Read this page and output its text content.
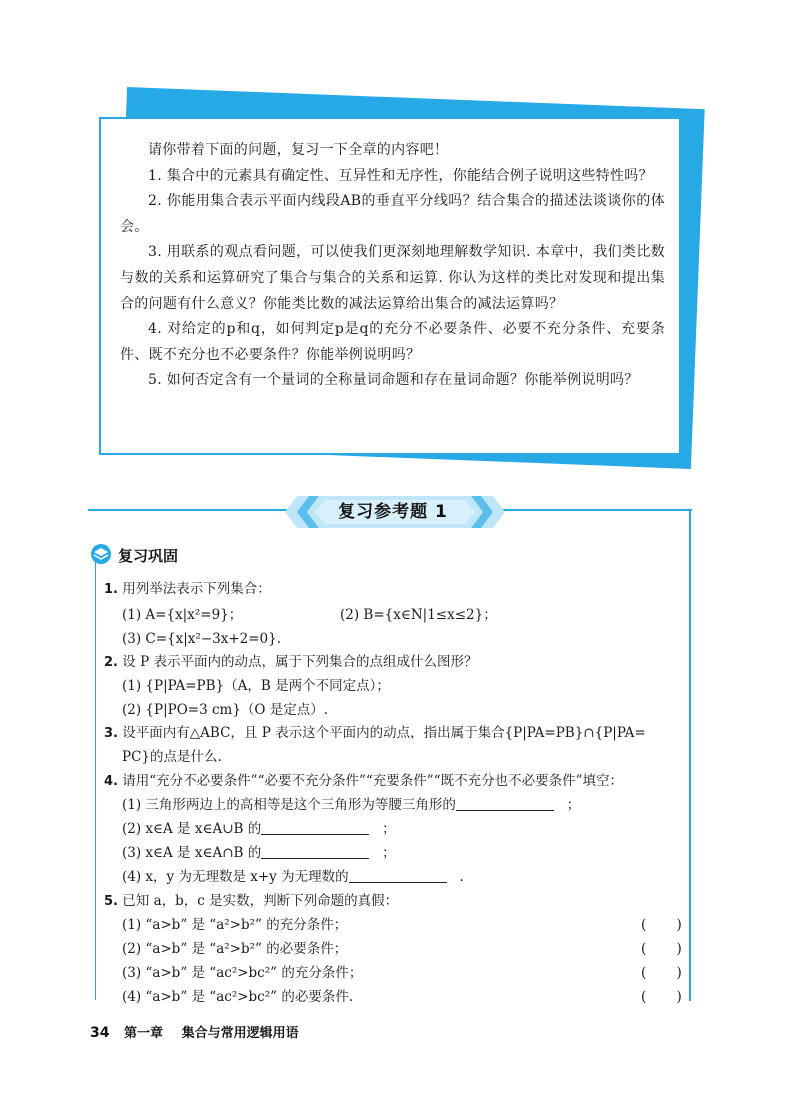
请你带着下面的问题，复习一下全章的内容吧！

1. 集合中的元素具有确定性、互异性和无序性，你能结合例子说明这些特性吗？

2. 你能用集合表示平面内线段AB的垂直平分线吗？结合集合的描述法谈谈你的体会。

3. 用联系的观点看问题，可以使我们更深刻地理解数学知识. 本章中，我们类比数与数的关系和运算研究了集合与集合的关系和运算. 你认为这样的类比对发现和提出集合的问题有什么意义？你能类比数的减法运算给出集合的减法运算吗？

4. 对给定的p和q，如何判定p是q的充分不必要条件、必要不充分条件、充要条件、既不充分也不必要条件？你能举例说明吗？

5. 如何否定含有一个量词的全称量词命题和存在量词命题？你能举例说明吗？

复习参考题 1
复习巩固
1. 用列举法表示下列集合：
(1) A={x|x²=9}；	(2) B={x∈N|1≤x≤2}；
(3) C={x|x²−3x+2=0}.
2. 设 P 表示平面内的动点，属于下列集合的点组成什么图形？
(1) {P|PA=PB}（A，B 是两个不同定点）；
(2) {P|PO=3 cm}（O 是定点）.
3. 设平面内有△ABC，且 P 表示这个平面内的动点，指出属于集合{P|PA=PB}∩{P|PA=
PC}的点是什么.
4. 请用“充分不必要条件”“必要不充分条件”“充要条件”“既不充分也不必要条件”填空：
(1) 三角形两边上的高相等是这个三角形为等腰三角形的	；
(2) x∈A 是 x∈A∪B 的	；
(3) x∈A 是 x∈A∩B 的	；
(4) x，y 为无理数是 x+y 为无理数的	.
5. 已知 a，b，c 是实数，判断下列命题的真假：
(1) “a>b” 是 “a²>b²” 的充分条件；	( )
(2) “a>b” 是 “a²>b²” 的必要条件；	( )
(3) “a>b” 是 “ac²>bc²” 的充分条件；	( )
(4) “a>b” 是 “ac²>bc²” 的必要条件.	( )
34 第一章 集合与常用逻辑用语
